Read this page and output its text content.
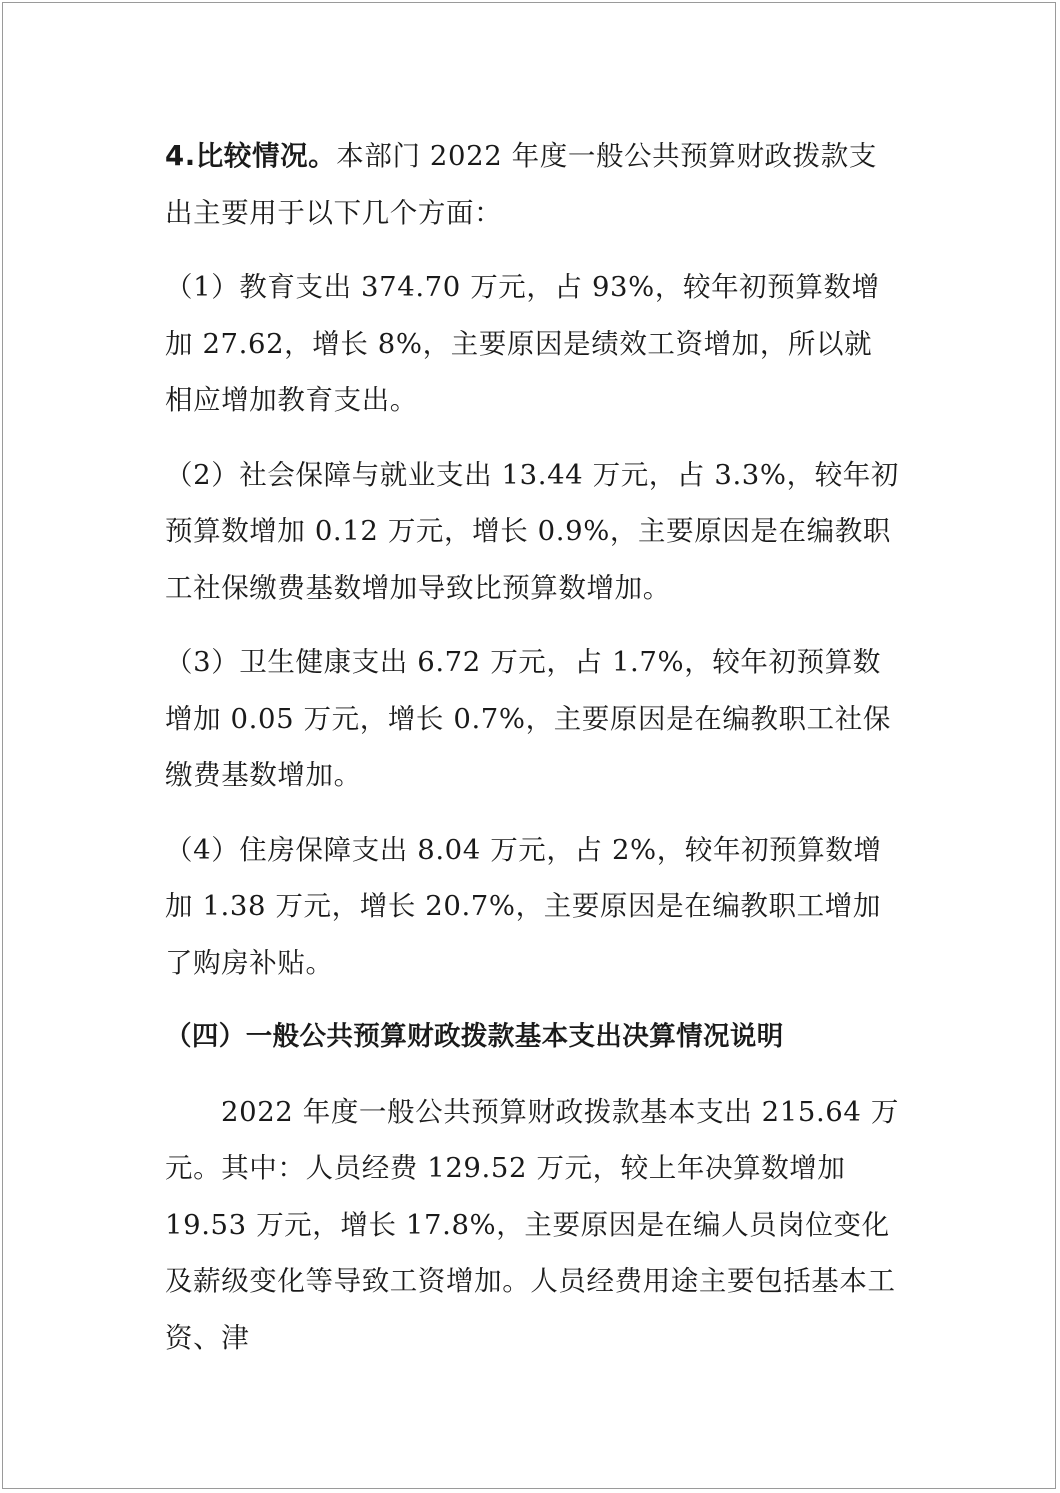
4.比较情况。本部门 2022 年度一般公共预算财政拨款支出主要用于以下几个方面：

（1）教育支出 374.70 万元，占 93%，较年初预算数增加 27.62，增长 8%，主要原因是绩效工资增加，所以就相应增加教育支出。

（2）社会保障与就业支出 13.44 万元，占 3.3%，较年初预算数增加 0.12 万元，增长 0.9%，主要原因是在编教职工社保缴费基数增加导致比预算数增加。

（3）卫生健康支出 6.72 万元，占 1.7%，较年初预算数增加 0.05 万元，增长 0.7%，主要原因是在编教职工社保缴费基数增加。

（4）住房保障支出 8.04 万元，占 2%，较年初预算数增加 1.38 万元，增长 20.7%，主要原因是在编教职工增加了购房补贴。

（四）一般公共预算财政拨款基本支出决算情况说明

2022 年度一般公共预算财政拨款基本支出 215.64 万元。其中：人员经费 129.52 万元，较上年决算数增加 19.53 万元，增长 17.8%，主要原因是在编人员岗位变化及薪级变化等导致工资增加。人员经费用途主要包括基本工资、津
